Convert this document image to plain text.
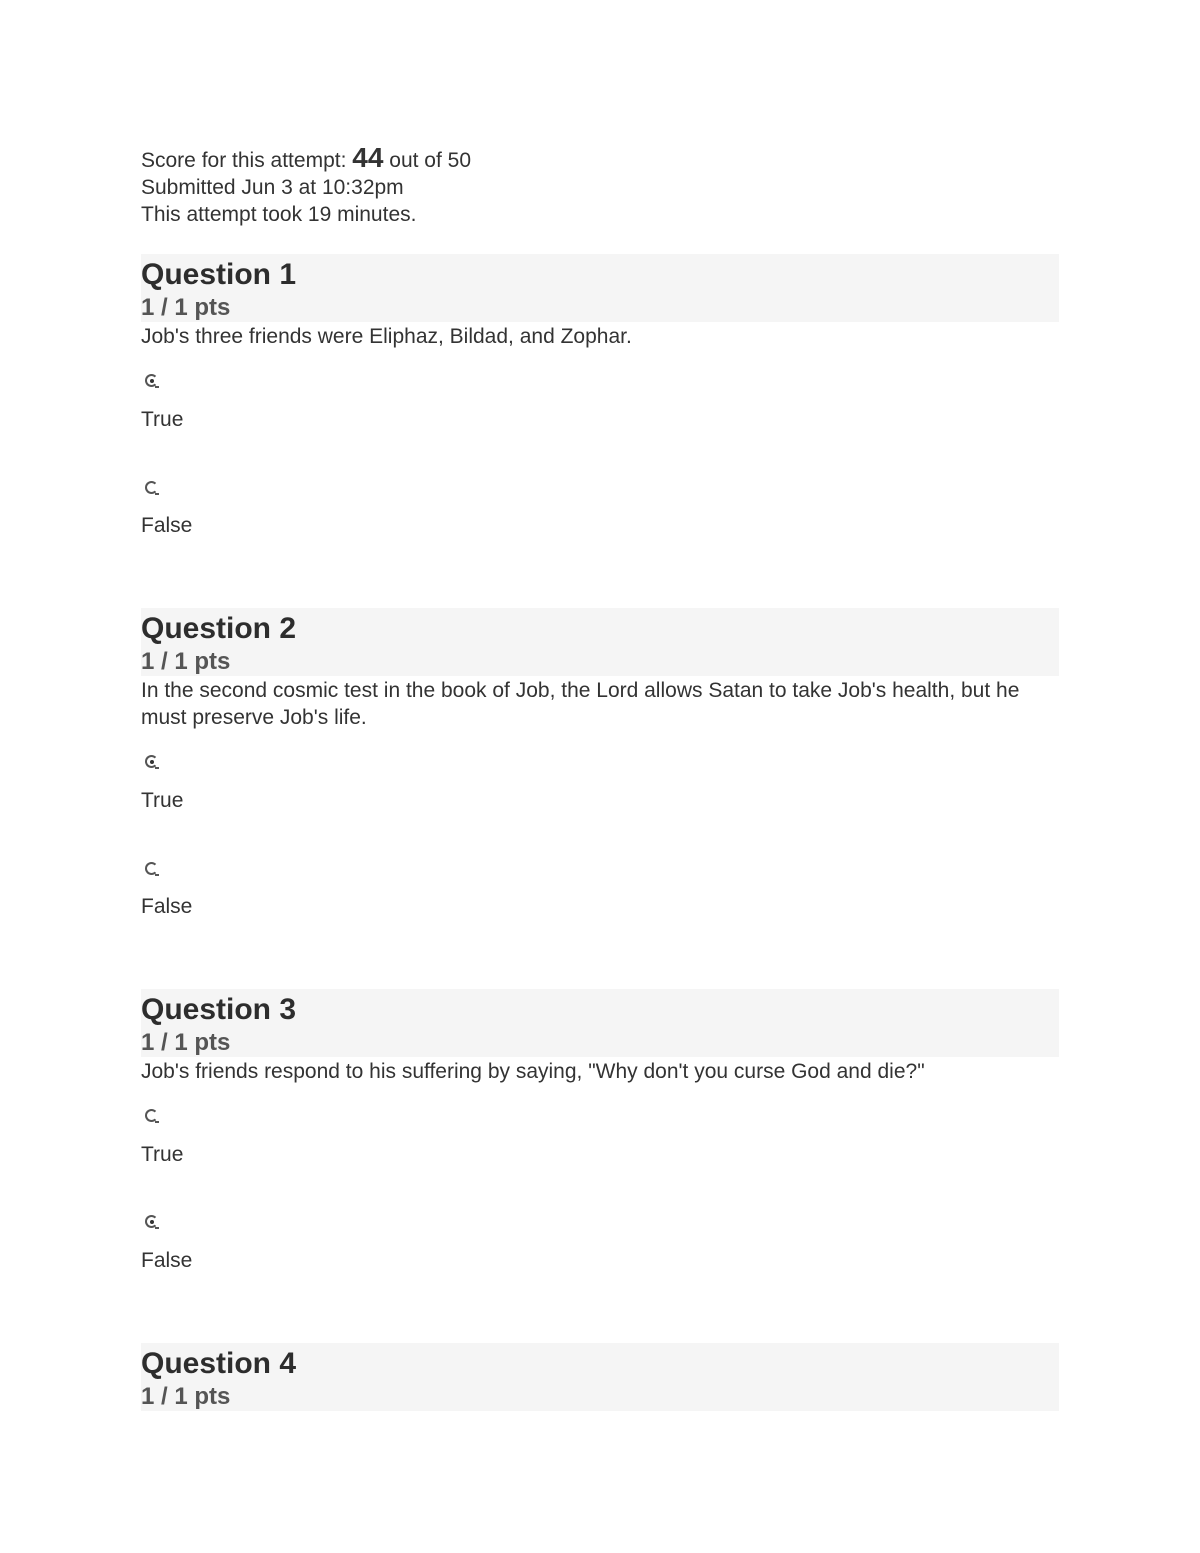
Score for this attempt: 44 out of 50
Submitted Jun 3 at 10:32pm
This attempt took 19 minutes.
Question 1
1 / 1 pts
Job's three friends were Eliphaz, Bildad, and Zophar.
True
False
Question 2
1 / 1 pts
In the second cosmic test in the book of Job, the Lord allows Satan to take Job's health, but he must preserve Job's life.
True
False
Question 3
1 / 1 pts
Job's friends respond to his suffering by saying, "Why don't you curse God and die?"
True
False
Question 4
1 / 1 pts
